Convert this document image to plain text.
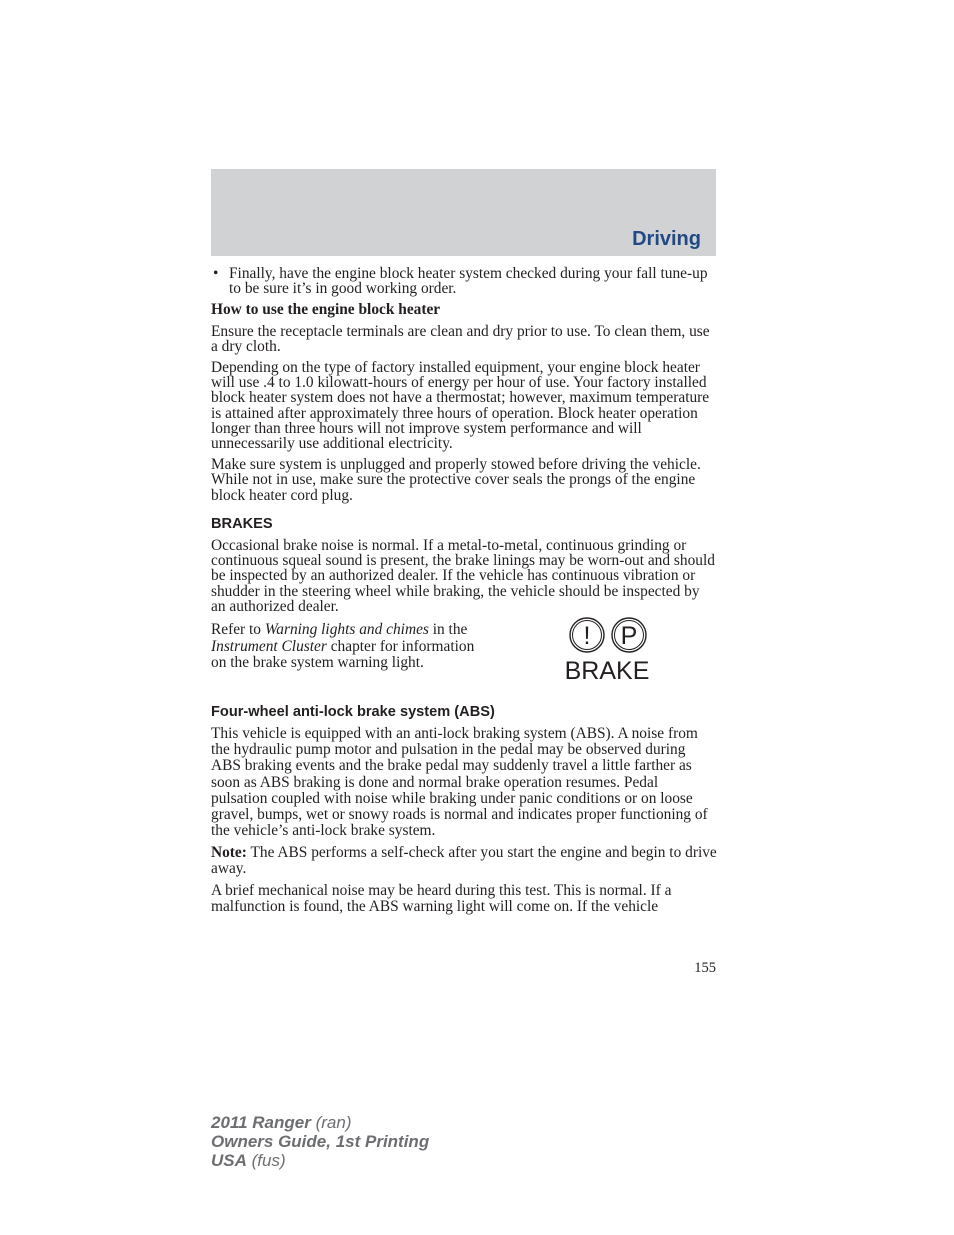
Driving
• Finally, have the engine block heater system checked during your fall tune-up to be sure it’s in good working order.

How to use the engine block heater

Ensure the receptacle terminals are clean and dry prior to use. To clean them, use a dry cloth.

Depending on the type of factory installed equipment, your engine block heater will use .4 to 1.0 kilowatt-hours of energy per hour of use. Your factory installed block heater system does not have a thermostat; however, maximum temperature is attained after approximately three hours of operation. Block heater operation longer than three hours will not improve system performance and will unnecessarily use additional electricity.

Make sure system is unplugged and properly stowed before driving the vehicle. While not in use, make sure the protective cover seals the prongs of the engine block heater cord plug.

BRAKES

Occasional brake noise is normal. If a metal-to-metal, continuous grinding or continuous squeal sound is present, the brake linings may be worn-out and should be inspected by an authorized dealer. If the vehicle has continuous vibration or shudder in the steering wheel while braking, the vehicle should be inspected by an authorized dealer.

Refer to Warning lights and chimes in the Instrument Cluster chapter for information on the brake system warning light.
! P
BRAKE
Four-wheel anti-lock brake system (ABS)

This vehicle is equipped with an anti-lock braking system (ABS). A noise from the hydraulic pump motor and pulsation in the pedal may be observed during ABS braking events and the brake pedal may suddenly travel a little farther as soon as ABS braking is done and normal brake operation resumes. Pedal pulsation coupled with noise while braking under panic conditions or on loose gravel, bumps, wet or snowy roads is normal and indicates proper functioning of the vehicle’s anti-lock brake system.

Note: The ABS performs a self-check after you start the engine and begin to drive away.

A brief mechanical noise may be heard during this test. This is normal. If a malfunction is found, the ABS warning light will come on. If the vehicle

155
2011 Ranger (ran)
Owners Guide, 1st Printing
USA (fus)
